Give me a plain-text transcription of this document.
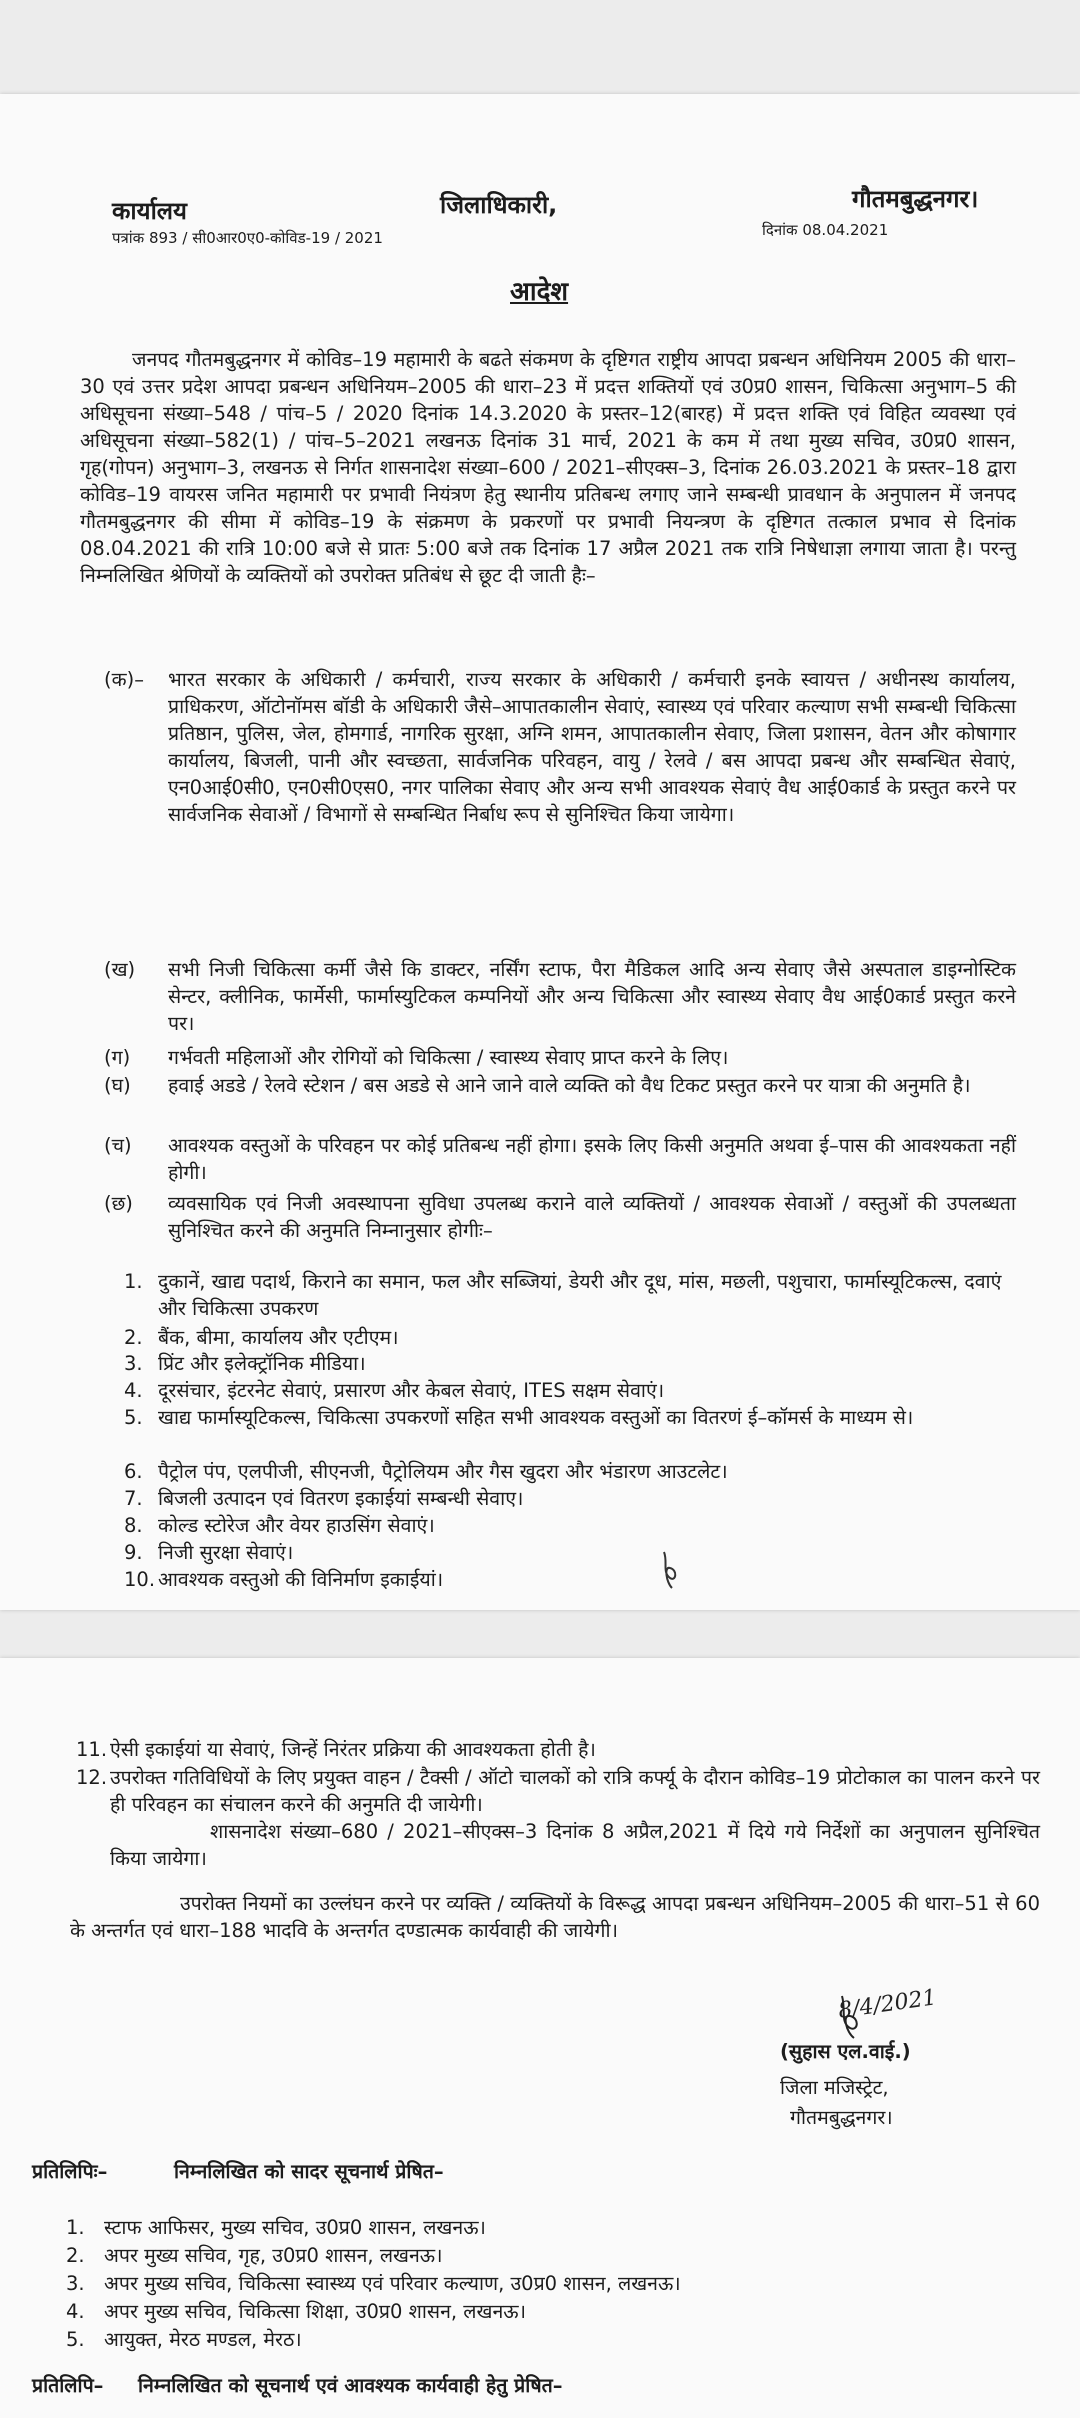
कार्यालय	जिलाधिकारी,	गौतमबुद्धनगर।
पत्रांक 893 / सी0आर0ए0-कोविड-19 / 2021	दिनांक 08.04.2021
आदेश
जनपद गौतमबुद्धनगर में कोविड–19 महामारी के बढते संकमण के दृष्टिगत राष्ट्रीय आपदा प्रबन्धन अधिनियम 2005 की धारा–30 एवं उत्तर प्रदेश आपदा प्रबन्धन अधिनियम–2005 की धारा–23 में प्रदत्त शक्तियों एवं उ0प्र0 शासन, चिकित्सा अनुभाग–5 की अधिसूचना संख्या–548 / पांच–5 / 2020 दिनांक 14.3.2020 के प्रस्तर–12(बारह) में प्रदत्त शक्ति एवं विहित व्यवस्था एवं अधिसूचना संख्या–582(1) / पांच–5–2021 लखनऊ दिनांक 31 मार्च, 2021 के कम में तथा मुख्य सचिव, उ0प्र0 शासन, गृह(गोपन) अनुभाग–3, लखनऊ से निर्गत शासनादेश संख्या–600 / 2021–सीएक्स–3, दिनांक 26.03.2021 के प्रस्तर–18 द्वारा कोविड–19 वायरस जनित महामारी पर प्रभावी नियंत्रण हेतु स्थानीय प्रतिबन्ध लगाए जाने सम्बन्धी प्रावधान के अनुपालन में जनपद गौतमबुद्धनगर की सीमा में कोविड–19 के संक्रमण के प्रकरणों पर प्रभावी नियन्त्रण के दृष्टिगत तत्काल प्रभाव से दिनांक 08.04.2021 की रात्रि 10:00 बजे से प्रातः 5:00 बजे तक दिनांक 17 अप्रैल 2021 तक रात्रि निषेधाज्ञा लगाया जाता है। परन्तु निम्नलिखित श्रेणियों के व्यक्तियों को उपरोक्त प्रतिबंध से छूट दी जाती हैः–
(क)– भारत सरकार के अधिकारी / कर्मचारी, राज्य सरकार के अधिकारी / कर्मचारी इनके स्वायत्त / अधीनस्थ कार्यालय, प्राधिकरण, ऑटोनॉमस बॉडी के अधिकारी जैसे–आपातकालीन सेवाएं, स्वास्थ्य एवं परिवार कल्याण सभी सम्बन्धी चिकित्सा प्रतिष्ठान, पुलिस, जेल, होमगार्ड, नागरिक सुरक्षा, अग्नि शमन, आपातकालीन सेवाए, जिला प्रशासन, वेतन और कोषागार कार्यालय, बिजली, पानी और स्वच्छता, सार्वजनिक परिवहन, वायु / रेलवे / बस आपदा प्रबन्ध और सम्बन्धित सेवाएं, एन0आई0सी0, एन0सी0एस0, नगर पालिका सेवाए और अन्य सभी आवश्यक सेवाएं वैध आई0कार्ड के प्रस्तुत करने पर सार्वजनिक सेवाओं / विभागों से सम्बन्धित निर्बाध रूप से सुनिश्चित किया जायेगा।
(ख) सभी निजी चिकित्सा कर्मी जैसे कि डाक्टर, नर्सिंग स्टाफ, पैरा मैडिकल आदि अन्य सेवाए जैसे अस्पताल डाइग्नोस्टिक सेन्टर, क्लीनिक, फार्मेसी, फार्मास्युटिकल कम्पनियों और अन्य चिकित्सा और स्वास्थ्य सेवाए वैध आई0कार्ड प्रस्तुत करने पर।
(ग) गर्भवती महिलाओं और रोगियों को चिकित्सा / स्वास्थ्य सेवाए प्राप्त करने के लिए।
(घ) हवाई अडडे / रेलवे स्टेशन / बस अडडे से आने जाने वाले व्यक्ति को वैध टिकट प्रस्तुत करने पर यात्रा की अनुमति है।
(च) आवश्यक वस्तुओं के परिवहन पर कोई प्रतिबन्ध नहीं होगा। इसके लिए किसी अनुमति अथवा ई–पास की आवश्यकता नहीं होगी।
(छ) व्यवसायिक एवं निजी अवस्थापना सुविधा उपलब्ध कराने वाले व्यक्तियों / आवश्यक सेवाओं / वस्तुओं की उपलब्धता सुनिश्चित करने की अनुमति निम्नानुसार होगीः–
1. दुकानें, खाद्य पदार्थ, किराने का समान, फल और सब्जियां, डेयरी और दूध, मांस, मछली, पशुचारा, फार्मास्यूटिकल्स, दवाएं और चिकित्सा उपकरण
2. बैंक, बीमा, कार्यालय और एटीएम।
3. प्रिंट और इलेक्ट्रॉनिक मीडिया।
4. दूरसंचार, इंटरनेट सेवाएं, प्रसारण और केबल सेवाएं, ITES सक्षम सेवाएं।
5. खाद्य फार्मास्यूटिकल्स, चिकित्सा उपकरणों सहित सभी आवश्यक वस्तुओं का वितरणं ई–कॉमर्स के माध्यम से।
6. पैट्रोल पंप, एलपीजी, सीएनजी, पैट्रोलियम और गैस खुदरा और भंडारण आउटलेट।
7. बिजली उत्पादन एवं वितरण इकाईयां सम्बन्धी सेवाए।
8. कोल्ड स्टोरेज और वेयर हाउसिंग सेवाएं।
9. निजी सुरक्षा सेवाएं।
10. आवश्यक वस्तुओ की विनिर्माण इकाईयां।
11. ऐसी इकाईयां या सेवाएं, जिन्हें निरंतर प्रक्रिया की आवश्यकता होती है।
12. उपरोक्त गतिविधियों के लिए प्रयुक्त वाहन / टैक्सी / ऑटो चालकों को रात्रि कर्फ्यू के दौरान कोविड–19 प्रोटोकाल का पालन करने पर ही परिवहन का संचालन करने की अनुमति दी जायेगी।
शासनादेश संख्या–680 / 2021–सीएक्स–3 दिनांक 8 अप्रैल,2021 में दिये गये निर्देशों का अनुपालन सुनिश्चित किया जायेगा।
उपरोक्त नियमों का उल्लंघन करने पर व्यक्ति / व्यक्तियों के विरूद्ध आपदा प्रबन्धन अधिनियम–2005 की धारा–51 से 60 के अन्तर्गत एवं धारा–188 भादवि के अन्तर्गत दण्डात्मक कार्यवाही की जायेगी।
8/4/2021
(सुहास एल.वाई.)
जिला मजिस्ट्रेट,
गौतमबुद्धनगर।
प्रतिलिपिः–	निम्नलिखित को सादर सूचनार्थ प्रेषित–
1. स्टाफ आफिसर, मुख्य सचिव, उ0प्र0 शासन, लखनऊ।
2. अपर मुख्य सचिव, गृह, उ0प्र0 शासन, लखनऊ।
3. अपर मुख्य सचिव, चिकित्सा स्वास्थ्य एवं परिवार कल्याण, उ0प्र0 शासन, लखनऊ।
4. अपर मुख्य सचिव, चिकित्सा शिक्षा, उ0प्र0 शासन, लखनऊ।
5. आयुक्त, मेरठ मण्डल, मेरठ।
प्रतिलिपि– निम्नलिखित को सूचनार्थ एवं आवश्यक कार्यवाही हेतु प्रेषित–
